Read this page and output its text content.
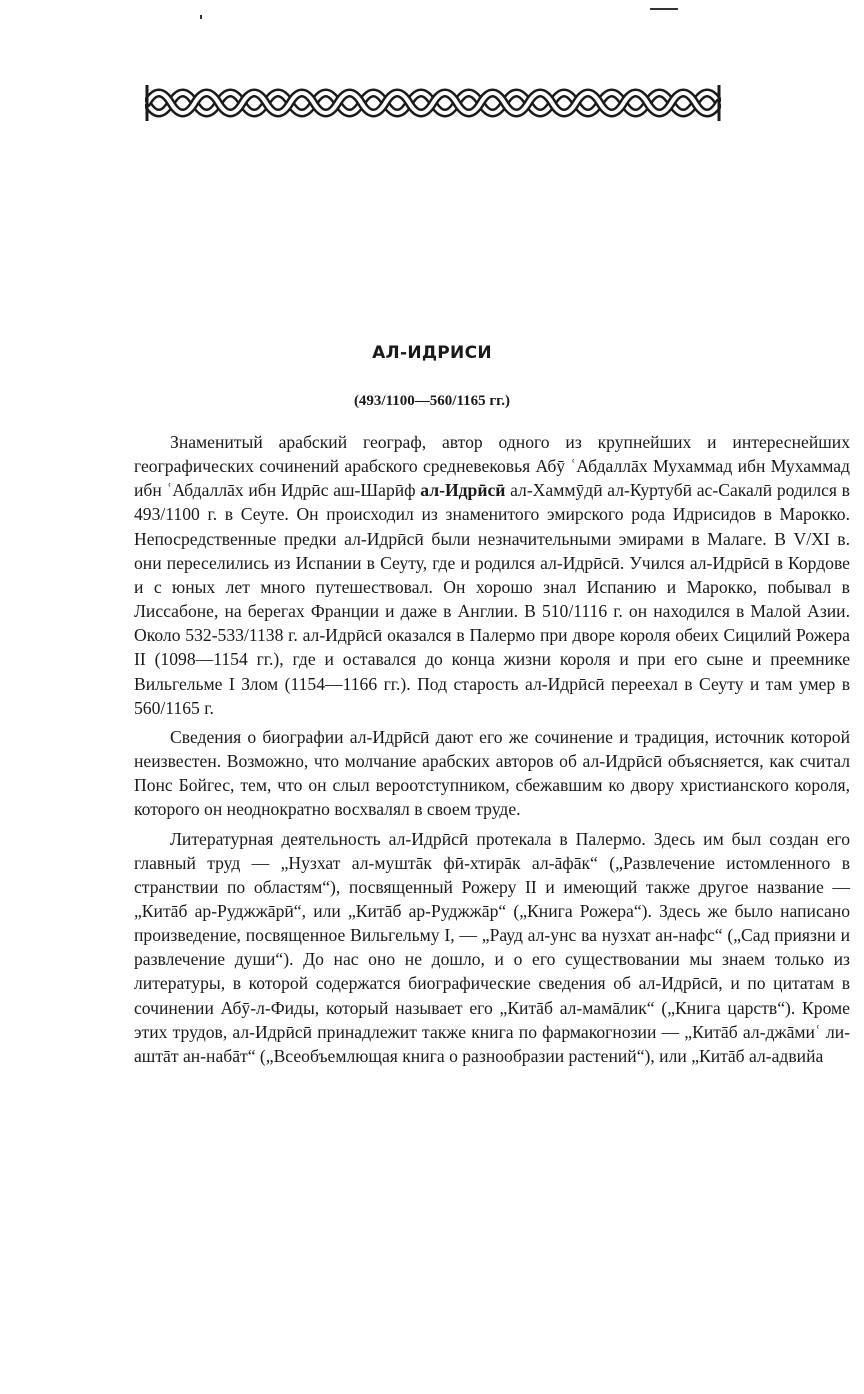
АЛ-ИДРИСИ
(493/1100—560/1165 гг.)

Знаменитый арабский географ, автор одного из крупнейших и интереснейших географических сочинений арабского средневековья Абӯ ʿАбдаллāх Мухаммад ибн Мухаммад ибн ʿАбдаллāх ибн Идрӣс аш-Шарӣф ал-Идрӣсӣ ал-Хаммӯдӣ ал-Куртубӣ ас-Сакалӣ родился в 493/1100 г. в Сеуте. Он происходил из знаменитого эмирского рода Идрисидов в Марокко. Непосредственные предки ал-Идрӣсӣ были незначительными эмирами в Малаге. В V/XI в. они переселились из Испании в Сеуту, где и родился ал-Идрӣсӣ. Учился ал-Идрӣсӣ в Кордове и с юных лет много путешествовал. Он хорошо знал Испанию и Марокко, побывал в Лиссабоне, на берегах Франции и даже в Англии. В 510/1116 г. он находился в Малой Азии. Около 532-533/1138 г. ал-Идрӣсӣ оказался в Палермо при дворе короля обеих Сицилий Рожера II (1098—1154 гг.), где и оставался до конца жизни короля и при его сыне и преемнике Вильгельме I Злом (1154—1166 гг.). Под старость ал-Идрӣсӣ переехал в Сеуту и там умер в 560/1165 г.

Сведения о биографии ал-Идрӣсӣ дают его же сочинение и традиция, источник которой неизвестен. Возможно, что молчание арабских авторов об ал-Идрӣсӣ объясняется, как считал Понс Бойгес, тем, что он слыл вероотступником, сбежавшим ко двору христианского короля, которого он неоднократно восхвалял в своем труде.

Литературная деятельность ал-Идрӣсӣ протекала в Палермо. Здесь им был создан его главный труд — „Нузхат ал-муштāк фӣ-хтирāк ал-āфāк“ („Развлечение истомленного в странствии по областям“), посвященный Рожеру II и имеющий также другое название — „Китāб ар-Руджжāрӣ“, или „Китāб ар-Руджжāр“ („Книга Рожера“). Здесь же было написано произведение, посвященное Вильгельму I, — „Рауд ал-унс ва нузхат ан-нафс“ („Сад приязни и развлечение души“). До нас оно не дошло, и о его существовании мы знаем только из литературы, в которой содержатся биографические сведения об ал-Идрӣсӣ, и по цитатам в сочинении Абӯ-л-Фиды, который называет его „Китāб ал-мамāлик“ („Книга царств“). Кроме этих трудов, ал-Идрӣсӣ принадлежит также книга по фармакогнозии — „Китāб ал-джāмиʿ ли-аштāт ан-набāт“ („Всеобъемлющая книга о разнообразии растений“), или „Китāб ал-адвийа
